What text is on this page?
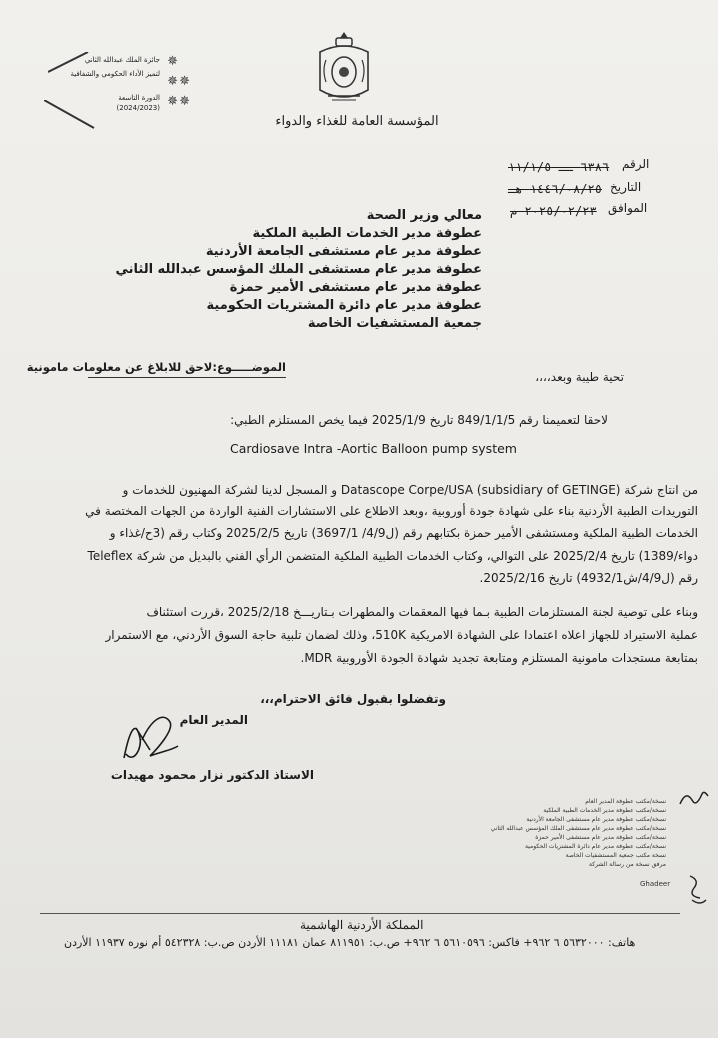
جائزة الملك عبدالله الثاني
لتميز الأداء الحكومي والشفافية
الدورة التاسعة
(2024/2023)
✵
✵
✵
✵
✵
المؤسسة العامة للغذاء والدواء
الرقم
٦٣٨٦ ــ ١١/١/٥
التاريخ
١٤٤٦/٠٨/٢٥ هـ
الموافق
٢٠٢٥/٠٢/٢٣ م
معالي وزير الصحة
عطوفة مدير الخدمات الطبية الملكية
عطوفة مدير عام مستشفى الجامعة الأردنية
عطوفة مدير عام مستشفى الملك المؤسس عبدالله الثاني
عطوفة مدير عام مستشفى الأمير حمزة
عطوفة مدير عام دائرة المشتريات الحكومية
جمعية المستشفيات الخاصة
الموضـــــوع:لاحق للابلاغ عن معلومات مامونية
تحية طيبة وبعد،،،،
لاحقا لتعميمنا رقم 849/1/1/5 تاريخ 2025/1/9 فيما يخص المستلزم الطبي:
Cardiosave Intra -Aortic Balloon pump system
من انتاج شركة Datascope Corpe/USA (subsidiary of GETINGE) و المسجل لدينا لشركة المهنيون للخدمات و
التوريدات الطبية الأردنية بناء على شهادة جودة أوروبية ،وبعد الاطلاع على الاستشارات الفنية الواردة من الجهات المختصة في
الخدمات الطبية الملكية ومستشفى الأمير حمزة بكتابهم رقم (ل4/9/ 3697/1) تاريخ 2025/2/5 وكتاب رقم (3ح/غذاء و
دواء/1389) تاريخ 2025/2/4 على التوالي، وكتاب الخدمات الطبية الملكية المتضمن الرأي الفني بالبديل من شركة Teleflex
رقم (ل4/9/ش4932/1) تاريخ 2025/2/16.
وبناء على توصية لجنة المستلزمات الطبية بـما فيها المعقمات والمطهرات بـتاريـــخ 2025/2/18 ،قررت استئناف
عملية الاستيراد للجهاز اعلاه اعتمادا على الشهادة الامريكية 510K، وذلك لضمان تلبية حاجة السوق الأردني، مع الاستمرار
بمتابعة مستجدات مامونية المستلزم ومتابعة تجديد شهادة الجودة الأوروبية MDR.
وتفضلوا بقبول فائق الاحترام،،،
المدير العام
الاستاذ الدكتور نزار محمود مهيدات
نسخة/مكتب عطوفة المدير العام
نسخة/مكتب عطوفة مدير الخدمات الطبية الملكية
نسخة/مكتب عطوفة مدير عام مستشفى الجامعة الأردنية
نسخة/مكتب عطوفة مدير عام مستشفى الملك المؤسس عبدالله الثاني
نسخة/مكتب عطوفة مدير عام مستشفى الأمير حمزة
نسخة/مكتب عطوفة مدير عام دائرة المشتريات الحكومية
نسخة مكتب جمعية المستشفيات الخاصة
مرفق نسخة من رسالة الشركة
Ghadeer
المملكة الأردنية الهاشمية
هاتف: ٥٦٣٢٠٠٠ ٦ ٩٦٢+ فاكس: ٥٦١٠٥٩٦ ٦ ٩٦٢+ ص.ب: ٨١١٩٥١ عمان ١١١٨١ الأردن ص.ب: ٥٤٢٣٢٨ أم نوره ١١٩٣٧ الأردن
